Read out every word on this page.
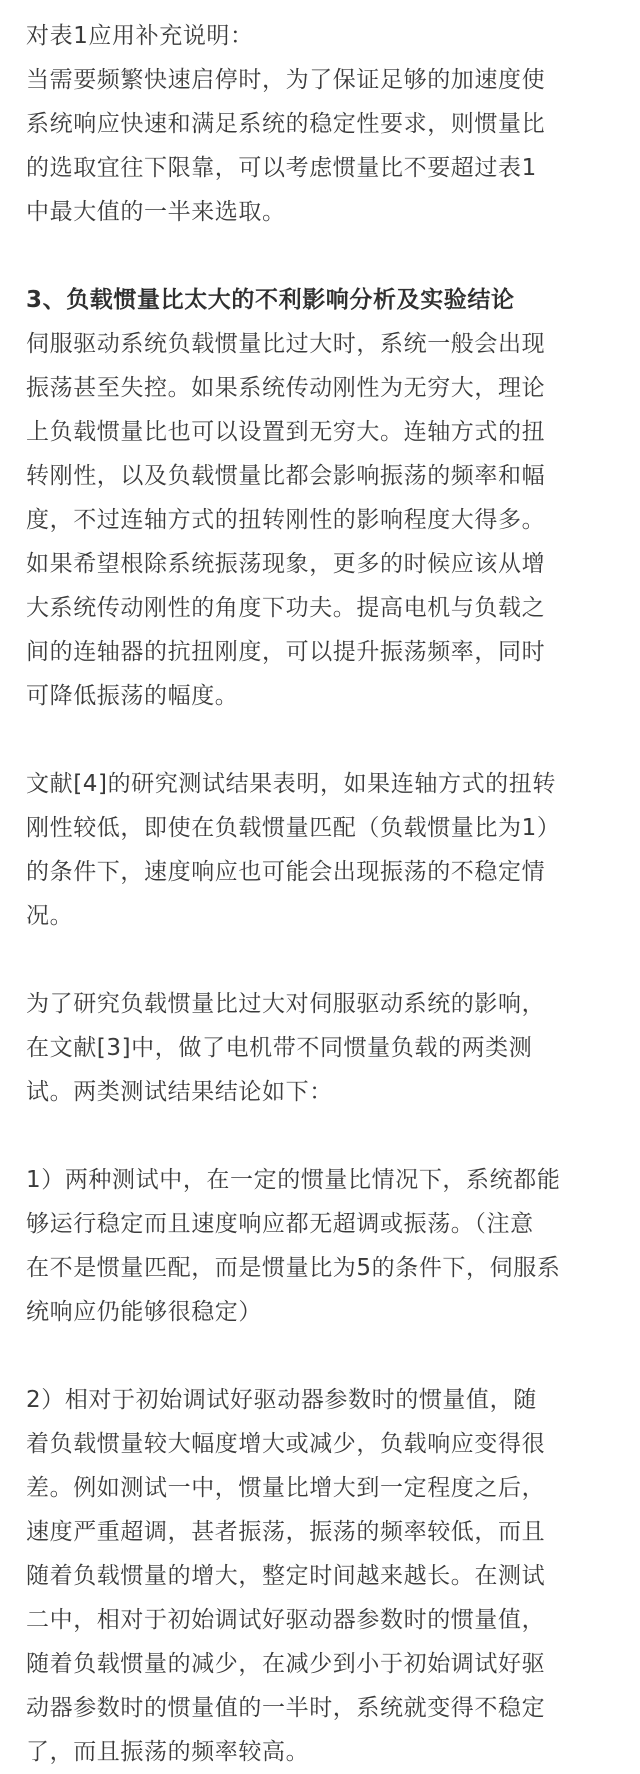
对表1应用补充说明：
当需要频繁快速启停时，为了保证足够的加速度使
系统响应快速和满足系统的稳定性要求，则惯量比
的选取宜往下限靠，可以考虑惯量比不要超过表1
中最大值的一半来选取。
3、负载惯量比太大的不利影响分析及实验结论
伺服驱动系统负载惯量比过大时，系统一般会出现
振荡甚至失控。如果系统传动刚性为无穷大，理论
上负载惯量比也可以设置到无穷大。连轴方式的扭
转刚性，以及负载惯量比都会影响振荡的频率和幅
度，不过连轴方式的扭转刚性的影响程度大得多。
如果希望根除系统振荡现象，更多的时候应该从增
大系统传动刚性的角度下功夫。提高电机与负载之
间的连轴器的抗扭刚度，可以提升振荡频率，同时
可降低振荡的幅度。
文献[4]的研究测试结果表明，如果连轴方式的扭转
刚性较低，即使在负载惯量匹配（负载惯量比为1）
的条件下，速度响应也可能会出现振荡的不稳定情
况。
为了研究负载惯量比过大对伺服驱动系统的影响，
在文献[3]中，做了电机带不同惯量负载的两类测
试。两类测试结果结论如下：
1）两种测试中，在一定的惯量比情况下，系统都能
够运行稳定而且速度响应都无超调或振荡。（注意
在不是惯量匹配，而是惯量比为5的条件下，伺服系
统响应仍能够很稳定）
2）相对于初始调试好驱动器参数时的惯量值，随
着负载惯量较大幅度增大或减少，负载响应变得很
差。例如测试一中，惯量比增大到一定程度之后，
速度严重超调，甚者振荡，振荡的频率较低，而且
随着负载惯量的增大，整定时间越来越长。在测试
二中，相对于初始调试好驱动器参数时的惯量值，
随着负载惯量的减少，在减少到小于初始调试好驱
动器参数时的惯量值的一半时，系统就变得不稳定
了，而且振荡的频率较高。
